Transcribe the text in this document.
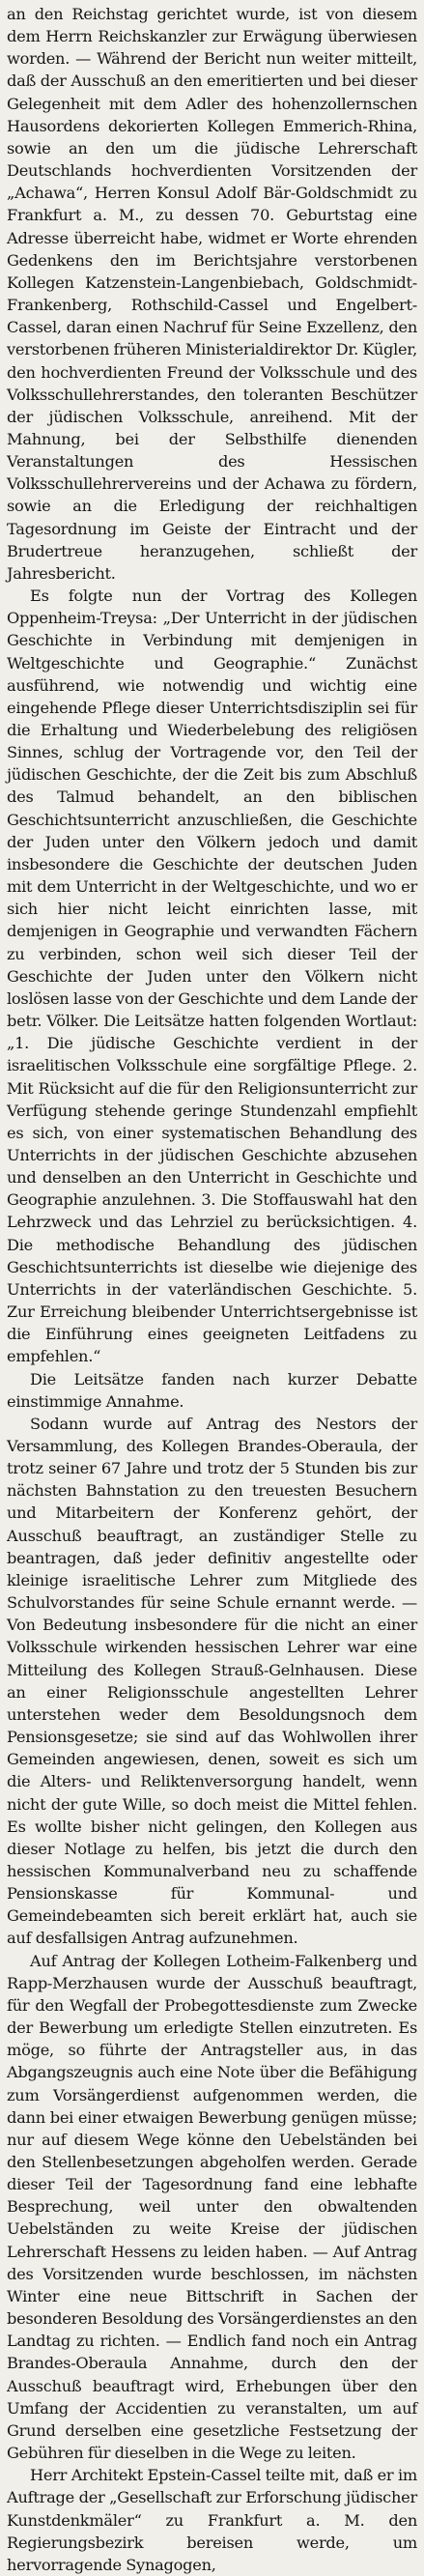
an den Reichstag gerichtet wurde, ist von diesem dem Herrn Reichskanzler zur Erwägung überwiesen worden. — Während der Bericht nun weiter mitteilt, daß der Ausschuß an den emeritierten und bei dieser Gelegenheit mit dem Adler des hohenzollernschen Hausordens dekorierten Kollegen Emmerich-Rhina, sowie an den um die jüdische Lehrerschaft Deutschlands hochverdienten Vorsitzenden der „Achawa“, Herren Konsul Adolf Bär-Goldschmidt zu Frankfurt a. M., zu dessen 70. Geburtstag eine Adresse überreicht habe, widmet er Worte ehrenden Gedenkens den im Berichtsjahre verstorbenen Kollegen Katzenstein-Langenbiebach, Goldschmidt-Frankenberg, Rothschild-Cassel und Engelbert-Cassel, daran einen Nachruf für Seine Exzellenz, den verstorbenen früheren Ministerialdirektor Dr. Kügler, den hochverdienten Freund der Volksschule und des Volksschullehrerstandes, den toleranten Beschützer der jüdischen Volksschule, anreihend. Mit der Mahnung, bei der Selbsthilfe dienenden Veranstaltungen des Hessischen Volksschullehrervereins und der Achawa zu fördern, sowie an die Erledigung der reichhaltigen Tagesordnung im Geiste der Eintracht und der Brudertreue heranzugehen, schließt der Jahresbericht.

Es folgte nun der Vortrag des Kollegen Oppenheim-Treysa: „Der Unterricht in der jüdischen Geschichte in Verbindung mit demjenigen in Weltgeschichte und Geographie.“ Zunächst ausführend, wie notwendig und wichtig eine eingehende Pflege dieser Unterrichtsdisziplin sei für die Erhaltung und Wiederbelebung des religiösen Sinnes, schlug der Vortragende vor, den Teil der jüdischen Geschichte, der die Zeit bis zum Abschluß des Talmud behandelt, an den biblischen Geschichtsunterricht anzuschließen, die Geschichte der Juden unter den Völkern jedoch und damit insbesondere die Geschichte der deutschen Juden mit dem Unterricht in der Weltgeschichte, und wo er sich hier nicht leicht einrichten lasse, mit demjenigen in Geographie und verwandten Fächern zu verbinden, schon weil sich dieser Teil der Geschichte der Juden unter den Völkern nicht loslösen lasse von der Geschichte und dem Lande der betr. Völker. Die Leitsätze hatten folgenden Wortlaut: „1. Die jüdische Geschichte verdient in der israelitischen Volksschule eine sorgfältige Pflege. 2. Mit Rücksicht auf die für den Religionsunterricht zur Verfügung stehende geringe Stundenzahl empfiehlt es sich, von einer systematischen Behandlung des Unterrichts in der jüdischen Geschichte abzusehen und denselben an den Unterricht in Geschichte und Geographie anzulehnen. 3. Die Stoffauswahl hat den Lehrzweck und das Lehrziel zu berücksichtigen. 4. Die methodische Behandlung des jüdischen Geschichtsunterrichts ist dieselbe wie diejenige des Unterrichts in der vaterländischen Geschichte. 5. Zur Erreichung bleibender Unterrichtsergebnisse ist die Einführung eines geeigneten Leitfadens zu empfehlen.“

Die Leitsätze fanden nach kurzer Debatte einstimmige Annahme.

Sodann wurde auf Antrag des Nestors der Versammlung, des Kollegen Brandes-Oberaula, der trotz seiner 67 Jahre und trotz der 5 Stunden bis zur nächsten Bahnstation zu den treuesten Besuchern und Mitarbeitern der Konferenz gehört, der Ausschuß beauftragt, an zuständiger Stelle zu beantragen, daß jeder definitiv angestellte oder kleinige israelitische Lehrer zum Mitgliede des Schulvorstandes für seine Schule ernannt werde. — Von Bedeutung insbesondere für die nicht an einer Volksschule wirkenden hessischen Lehrer war eine Mitteilung des Kollegen Strauß-Gelnhausen. Diese an einer Religionsschule angestellten Lehrer unterstehen weder dem Besoldungsnoch dem Pensionsgesetze; sie sind auf das Wohlwollen ihrer Gemeinden angewiesen, denen, soweit es sich um die Alters- und Reliktenversorgung handelt, wenn nicht der gute Wille, so doch meist die Mittel fehlen. Es wollte bisher nicht gelingen, den Kollegen aus dieser Notlage zu helfen, bis jetzt die durch den hessischen Kommunalverband neu zu schaffende Pensionskasse für Kommunal- und Gemeindebeamten sich bereit erklärt hat, auch sie auf desfallsigen Antrag aufzunehmen.

Auf Antrag der Kollegen Lotheim-Falkenberg und Rapp-Merzhausen wurde der Ausschuß beauftragt, für den Wegfall der Probegottesdienste zum Zwecke der Bewerbung um erledigte Stellen einzutreten. Es möge, so führte der Antragsteller aus, in das Abgangszeugnis auch eine Note über die Befähigung zum Vorsängerdienst aufgenommen werden, die dann bei einer etwaigen Bewerbung genügen müsse; nur auf diesem Wege könne den Uebelständen bei den Stellenbesetzungen abgeholfen werden. Gerade dieser Teil der Tagesordnung fand eine lebhafte Besprechung, weil unter den obwaltenden Uebelständen zu weite Kreise der jüdischen Lehrerschaft Hessens zu leiden haben. — Auf Antrag des Vorsitzenden wurde beschlossen, im nächsten Winter eine neue Bittschrift in Sachen der besonderen Besoldung des Vorsängerdienstes an den Landtag zu richten. — Endlich fand noch ein Antrag Brandes-Oberaula Annahme, durch den der Ausschuß beauftragt wird, Erhebungen über den Umfang der Accidentien zu veranstalten, um auf Grund derselben eine gesetzliche Festsetzung der Gebühren für dieselben in die Wege zu leiten.

Herr Architekt Epstein-Cassel teilte mit, daß er im Auftrage der „Gesellschaft zur Erforschung jüdischer Kunstdenkmäler“ zu Frankfurt a. M. den Regierungsbezirk bereisen werde, um hervorragende Synagogen,
